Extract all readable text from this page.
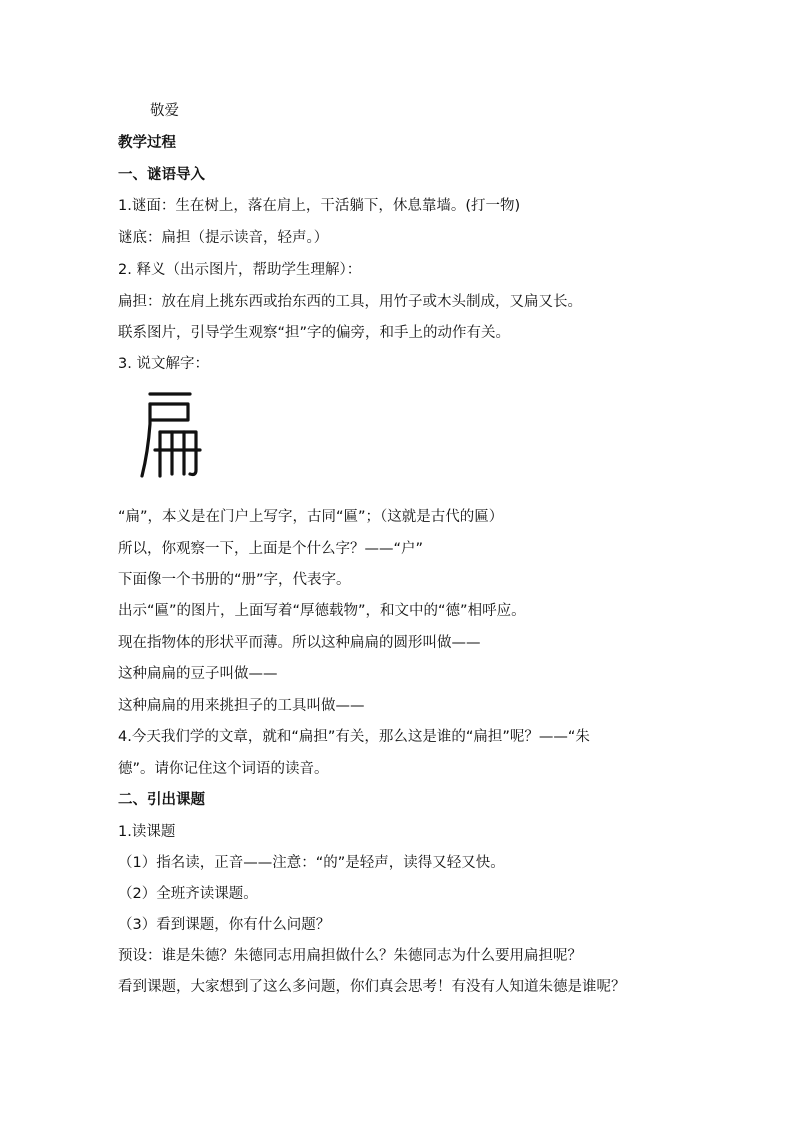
敬爱
教学过程
一、谜语导入
1.谜面：生在树上，落在肩上，干活躺下，休息靠墙。(打一物)
谜底：扁担（提示读音，轻声。）
2. 释义（出示图片，帮助学生理解）：
扁担：放在肩上挑东西或抬东西的工具，用竹子或木头制成，又扁又长。
联系图片，引导学生观察“担”字的偏旁，和手上的动作有关。
3. 说文解字：
“扁”，本义是在门户上写字，古同“匾”；（这就是古代的匾）
所以，你观察一下，上面是个什么字？——“户”
下面像一个书册的“册”字，代表字。
出示“匾”的图片，上面写着“厚德载物”，和文中的“德”相呼应。
现在指物体的形状平而薄。所以这种扁扁的圆形叫做——
这种扁扁的豆子叫做——
这种扁扁的用来挑担子的工具叫做——
4.今天我们学的文章，就和“扁担”有关，那么这是谁的“扁担”呢？——“朱
德”。请你记住这个词语的读音。
二、引出课题
1.读课题
（1）指名读，正音——注意：“的”是轻声，读得又轻又快。
（2）全班齐读课题。
（3）看到课题，你有什么问题？
预设：谁是朱德？朱德同志用扁担做什么？朱德同志为什么要用扁担呢？
看到课题，大家想到了这么多问题，你们真会思考！有没有人知道朱德是谁呢？
